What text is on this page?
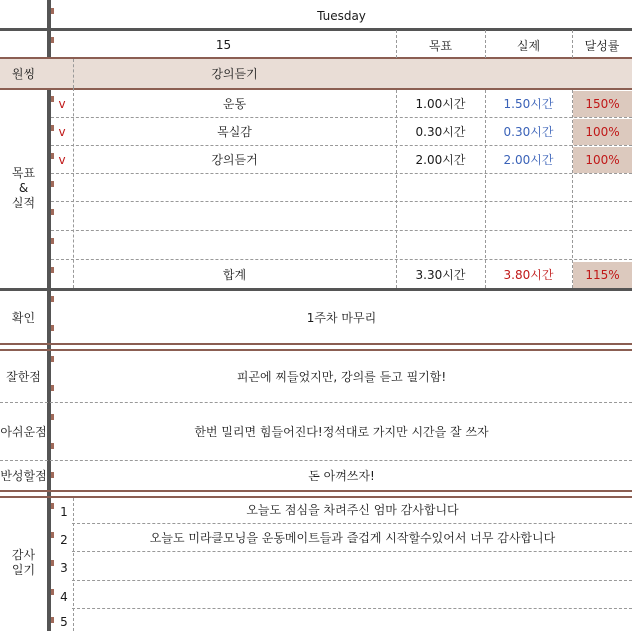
Tuesday
15	목표	실제	달성률
원씽	강의듣기
목표
&
실적
v	운동	1.00시간	1.50시간	150%
v	목실감	0.30시간	0.30시간	100%
v	강의듣거	2.00시간	2.00시간	100%
합계	3.30시간	3.80시간	115%
확인	1주차 마무리
잘한점	피곤에 찌들었지만, 강의를 듣고 필기함!
아쉬운점	한번 밀리면 힘들어진다!정석대로 가지만 시간을 잘 쓰자
반성할점	돈 아껴쓰자!
감사
일기
1	오늘도 점심을 차려주신 엄마 감사합니다
2	오늘도 미라클모닝을 운동메이트들과 즐겁게 시작할수있어서 너무 감사합니다
3
4
5
